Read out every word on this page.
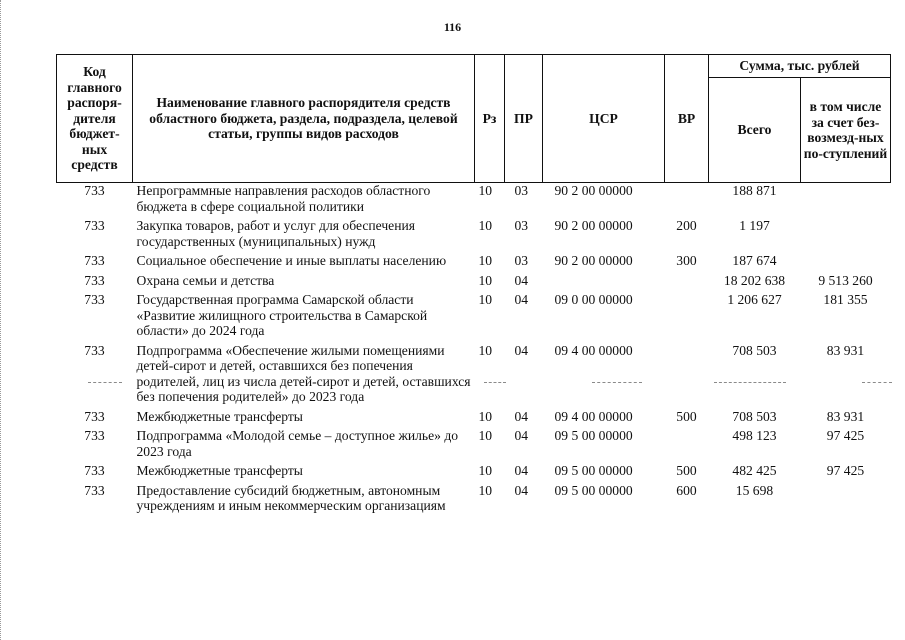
116
Код главного распоря-дителя бюджет-ных средств	Наименование главного распорядителя средств областного бюджета, раздела, подраздела, целевой статьи, группы видов расходов	Рз	ПР	ЦСР	ВР	Сумма, тыс. рублей	
						Всего	в том числе за счет без-возмезд-ных по-ступлений
733	Непрограммные направления расходов областного бюджета в сфере социальной политики	10	03	90 2 00 00000		188 871	

733	Закупка товаров, работ и услуг для обеспечения государственных (муниципальных) нужд	10	03	90 2 00 00000	200	1 197	

733	Социальное обеспечение и иные выплаты населению	10	03	90 2 00 00000	300	187 674	

733	Охрана семьи и детства	10	04			18 202 638	9 513 260

733	Государственная программа Самарской области «Развитие жилищного строительства в Самарской области» до 2024 года	10	04	09 0 00 00000		1 206 627	181 355

733	Подпрограмма «Обеспечение жилыми помещениями детей-сирот и детей, оставшихся без попечения родителей, лиц из числа детей-сирот и детей, оставшихся без попечения родителей» до 2023 года	10	04	09 4 00 00000		708 503	83 931

733	Межбюджетные трансферты	10	04	09 4 00 00000	500	708 503	83 931

733	Подпрограмма «Молодой семье – доступное жилье» до 2023 года	10	04	09 5 00 00000		498 123	97 425

733	Межбюджетные трансферты	10	04	09 5 00 00000	500	482 425	97 425

733	Предоставление субсидий бюджетным, автономным учреждениям и иным некоммерческим организациям	10	04	09 5 00 00000	600	15 698	
